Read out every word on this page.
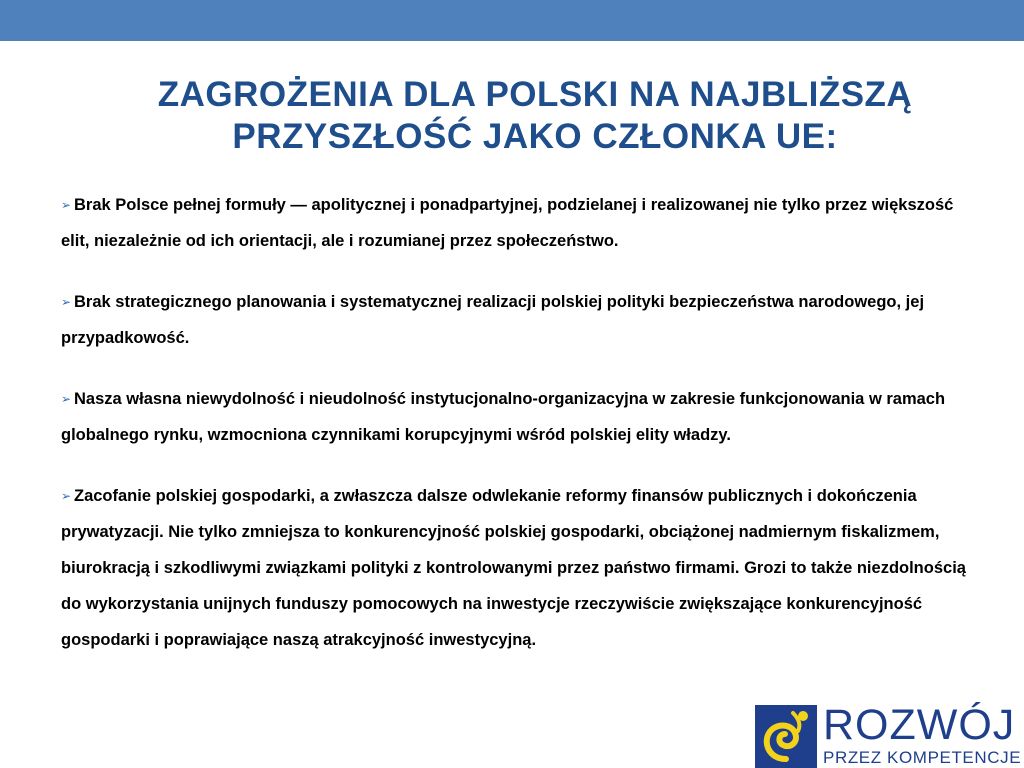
ZAGROŻENIA DLA POLSKI NA NAJBLIŻSZĄ
PRZYSZŁOŚĆ JAKO CZŁONKA UE:

➢ Brak Polsce pełnej formuły — apolitycznej i ponadpartyjnej, podzielanej i realizowanej nie tylko przez większość elit, niezależnie od ich orientacji, ale i rozumianej przez społeczeństwo.

➢ Brak strategicznego planowania i systematycznej realizacji polskiej polityki bezpieczeństwa narodowego, jej przypadkowość.

➢ Nasza własna niewydolność i nieudolność instytucjonalno-organizacyjna w zakresie funkcjonowania w ramach globalnego rynku, wzmocniona czynnikami korupcyjnymi wśród polskiej elity władzy.

➢ Zacofanie polskiej gospodarki, a zwłaszcza dalsze odwlekanie reformy finansów publicznych i dokończenia prywatyzacji. Nie tylko zmniejsza to konkurencyjność polskiej gospodarki, obciążonej nadmiernym fiskalizmem, biurokracją i szkodliwymi związkami polityki z kontrolowanymi przez państwo firmami. Grozi to także niezdolnością do wykorzystania unijnych funduszy pomocowych na inwestycje rzeczywiście zwiększające konkurencyjność gospodarki i poprawiające naszą atrakcyjność inwestycyjną.

ROZWÓJ
PRZEZ KOMPETENCJE
